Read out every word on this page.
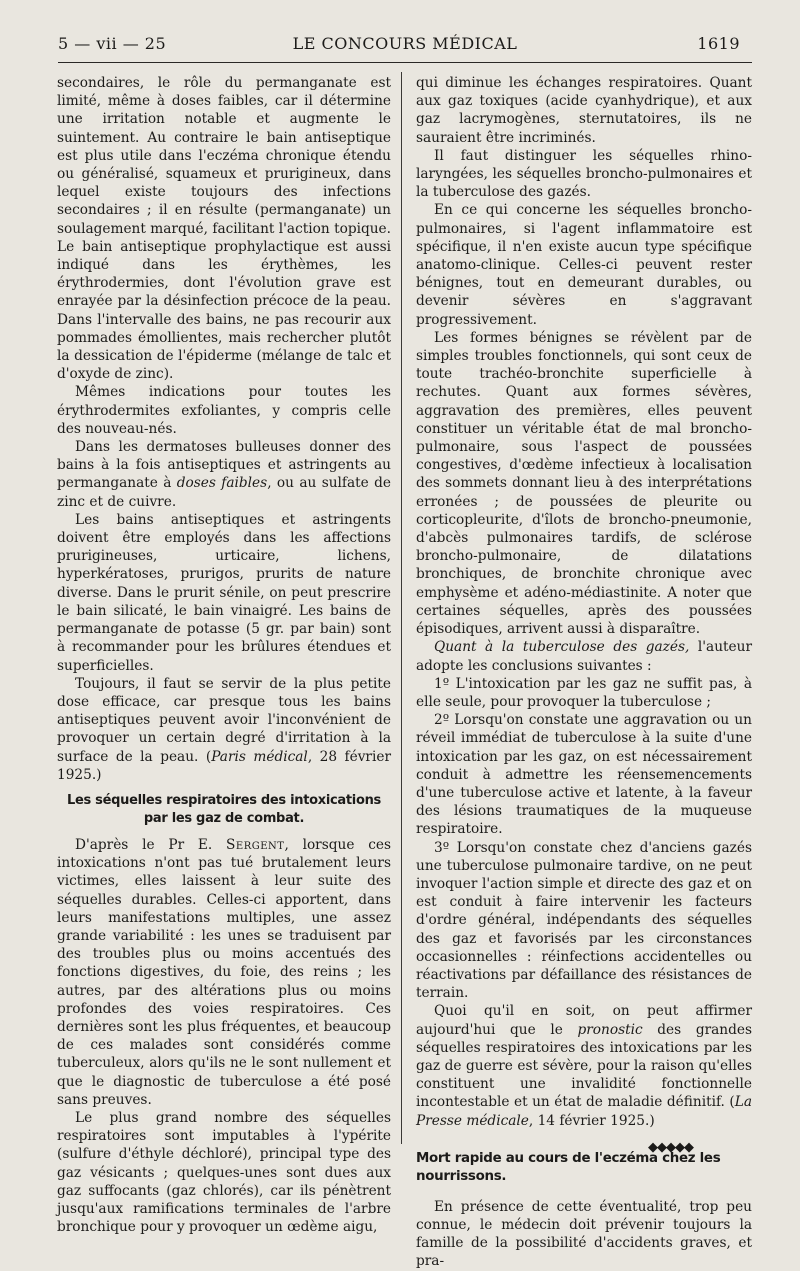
5 — vii — 25	LE CONCOURS MÉDICAL	1619

secondaires, le rôle du permanganate est limité, même à doses faibles, car il détermine une irritation notable et augmente le suintement. Au contraire le bain antiseptique est plus utile dans l'eczéma chronique étendu ou généralisé, squameux et prurigineux, dans lequel existe toujours des infections secondaires ; il en résulte (permanganate) un soulagement marqué, facilitant l'action topique. Le bain antiseptique prophylactique est aussi indiqué dans les érythèmes, les érythrodermies, dont l'évolution grave est enrayée par la désinfection précoce de la peau. Dans l'intervalle des bains, ne pas recourir aux pommades émollientes, mais rechercher plutôt la dessication de l'épiderme (mélange de talc et d'oxyde de zinc).

Mêmes indications pour toutes les érythrodermites exfoliantes, y compris celle des nouveau-nés.

Dans les dermatoses bulleuses donner des bains à la fois antiseptiques et astringents au permanganate à doses faibles, ou au sulfate de zinc et de cuivre.

Les bains antiseptiques et astringents doivent être employés dans les affections prurigineuses, urticaire, lichens, hyperkératoses, prurigos, prurits de nature diverse. Dans le prurit sénile, on peut prescrire le bain silicaté, le bain vinaigré. Les bains de permanganate de potasse (5 gr. par bain) sont à recommander pour les brûlures étendues et superficielles.

Toujours, il faut se servir de la plus petite dose efficace, car presque tous les bains antiseptiques peuvent avoir l'inconvénient de provoquer un certain degré d'irritation à la surface de la peau. (Paris médical, 28 février 1925.)

Les séquelles respiratoires des intoxications par les gaz de combat.

D'après le Pr E. Sergent, lorsque ces intoxications n'ont pas tué brutalement leurs victimes, elles laissent à leur suite des séquelles durables. Celles-ci apportent, dans leurs manifestations multiples, une assez grande variabilité : les unes se traduisent par des troubles plus ou moins accentués des fonctions digestives, du foie, des reins ; les autres, par des altérations plus ou moins profondes des voies respiratoires. Ces dernières sont les plus fréquentes, et beaucoup de ces malades sont considérés comme tuberculeux, alors qu'ils ne le sont nullement et que le diagnostic de tuberculose a été posé sans preuves.

Le plus grand nombre des séquelles respiratoires sont imputables à l'ypérite (sulfure d'éthyle déchloré), principal type des gaz vésicants ; quelques-unes sont dues aux gaz suffocants (gaz chlorés), car ils pénètrent jusqu'aux ramifications terminales de l'arbre bronchique pour y provoquer un œdème aigu,

qui diminue les échanges respiratoires. Quant aux gaz toxiques (acide cyanhydrique), et aux gaz lacrymogènes, sternutatoires, ils ne sauraient être incriminés.

Il faut distinguer les séquelles rhino-laryngées, les séquelles broncho-pulmonaires et la tuberculose des gazés.

En ce qui concerne les séquelles broncho-pulmonaires, si l'agent inflammatoire est spécifique, il n'en existe aucun type spécifique anatomo-clinique. Celles-ci peuvent rester bénignes, tout en demeurant durables, ou devenir sévères en s'aggravant progressivement.

Les formes bénignes se révèlent par de simples troubles fonctionnels, qui sont ceux de toute trachéo-bronchite superficielle à rechutes. Quant aux formes sévères, aggravation des premières, elles peuvent constituer un véritable état de mal broncho-pulmonaire, sous l'aspect de poussées congestives, d'œdème infectieux à localisation des sommets donnant lieu à des interprétations erronées ; de poussées de pleurite ou corticopleurite, d'îlots de broncho-pneumonie, d'abcès pulmonaires tardifs, de sclérose broncho-pulmonaire, de dilatations bronchiques, de bronchite chronique avec emphysème et adéno-médiastinite. A noter que certaines séquelles, après des poussées épisodiques, arrivent aussi à disparaître.

Quant à la tuberculose des gazés, l'auteur adopte les conclusions suivantes :

1º L'intoxication par les gaz ne suffit pas, à elle seule, pour provoquer la tuberculose ;

2º Lorsqu'on constate une aggravation ou un réveil immédiat de tuberculose à la suite d'une intoxication par les gaz, on est nécessairement conduit à admettre les réensemencements d'une tuberculose active et latente, à la faveur des lésions traumatiques de la muqueuse respiratoire.

3º Lorsqu'on constate chez d'anciens gazés une tuberculose pulmonaire tardive, on ne peut invoquer l'action simple et directe des gaz et on est conduit à faire intervenir les facteurs d'ordre général, indépendants des séquelles des gaz et favorisés par les circonstances occasionnelles : réinfections accidentelles ou réactivations par défaillance des résistances de terrain.

Quoi qu'il en soit, on peut affirmer aujourd'hui que le pronostic des grandes séquelles respiratoires des intoxications par les gaz de guerre est sévère, pour la raison qu'elles constituent une invalidité fonctionnelle incontestable et un état de maladie définitif. (La Presse médicale, 14 février 1925.)

Mort rapide au cours de l'eczéma chez les nourrissons.

En présence de cette éventualité, trop peu connue, le médecin doit prévenir toujours la famille de la possibilité d'accidents graves, et pra-

◆◆◆◆◆
